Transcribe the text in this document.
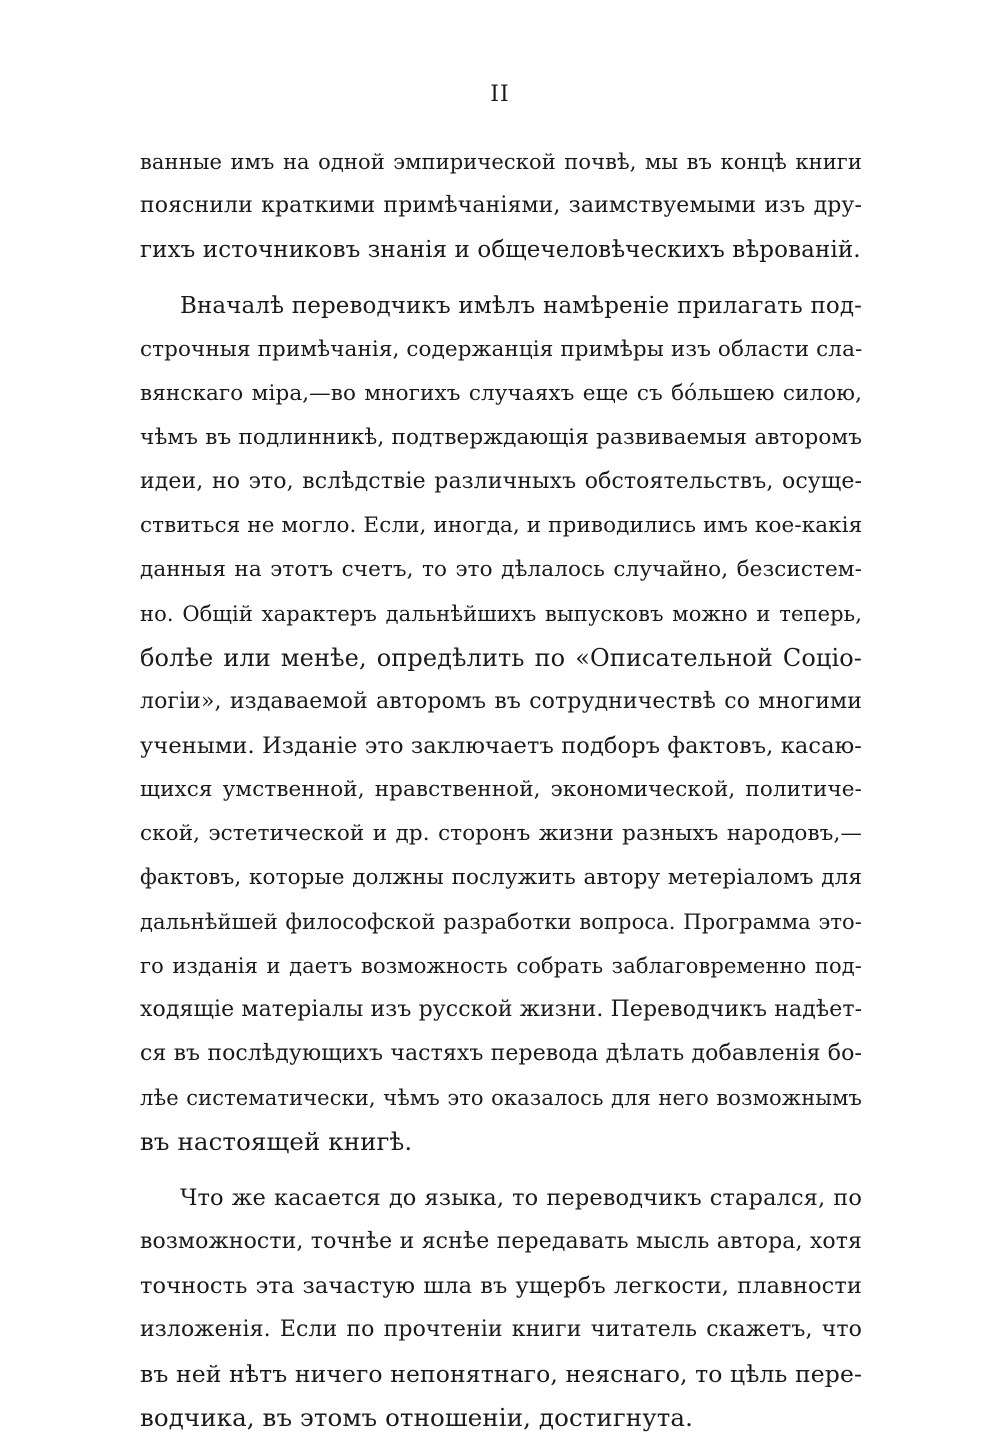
II
ванные имъ на одной эмпирической почвѣ, мы въ концѣ книги
пояснили краткими примѣчаніями, заимствуемыми изъ дру-
гихъ источниковъ знанія и общечеловѣческихъ вѣрованій.
Вначалѣ переводчикъ имѣлъ намѣреніе прилагать под-
строчныя примѣчанія, содержанція примѣры изъ области сла-
вянскаго міра,—во многихъ случаяхъ еще съ бóльшею силою,
чѣмъ въ подлинникѣ, подтверждающія развиваемыя авторомъ
идеи, но это, вслѣдствіе различныхъ обстоятельствъ, осуще-
ствиться не могло. Если, иногда, и приводились имъ кое-какія
данныя на этотъ счетъ, то это дѣлалось случайно, безсистем-
но. Общій характеръ дальнѣйшихъ выпусковъ можно и теперь,
болѣе или менѣе, опредѣлить по «Описательной Соціо-
логіи», издаваемой авторомъ въ сотрудничествѣ со многими
учеными. Изданіе это заключаетъ подборъ фактовъ, касаю-
щихся умственной, нравственной, экономической, политиче-
ской, эстетической и др. сторонъ жизни разныхъ народовъ,—
фактовъ, которые должны послужить автору метеріаломъ для
дальнѣйшей философской разработки вопроса. Программа это-
го изданія и даетъ возможность собрать заблаговременно под-
ходящіе матеріалы изъ русской жизни. Переводчикъ надѣет-
ся въ послѣдующихъ частяхъ перевода дѣлать добавленія бо-
лѣе систематически, чѣмъ это оказалось для него возможнымъ
въ настоящей книгѣ.
Что же касается до языка, то переводчикъ старался, по
возможности, точнѣе и яснѣе передавать мысль автора, хотя
точность эта зачастую шла въ ущербъ легкости, плавности
изложенія. Если по прочтеніи книги читатель скажетъ, что
въ ней нѣтъ ничего непонятнаго, неяснаго, то цѣль пере-
водчика, въ этомъ отношеніи, достигнута.
